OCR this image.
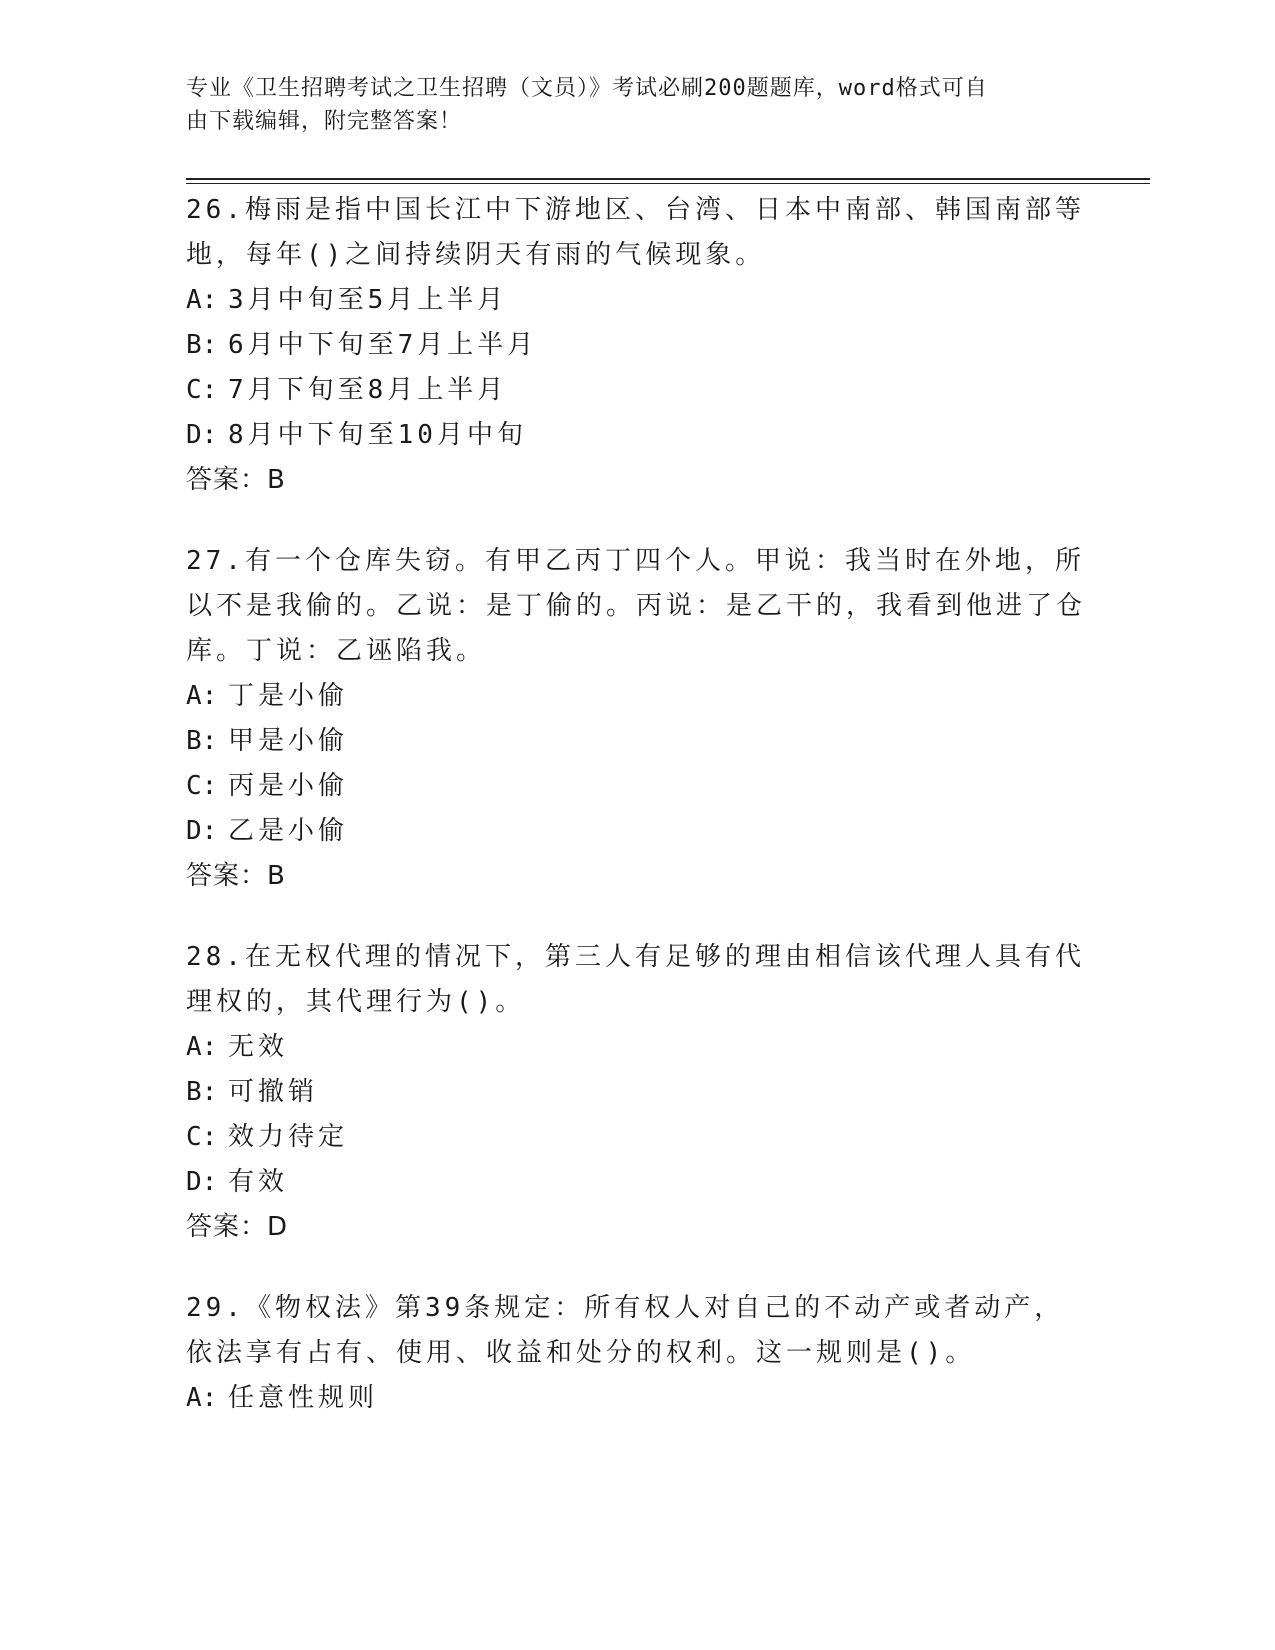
专业《卫生招聘考试之卫生招聘（文员）》考试必刷200题题库，word格式可自
由下载编辑，附完整答案！

26.梅雨是指中国长江中下游地区、台湾、日本中南部、韩国南部等地，每年()之间持续阴天有雨的气候现象。

A: 3月中旬至5月上半月

B: 6月中下旬至7月上半月

C: 7月下旬至8月上半月

D: 8月中下旬至10月中旬

答案：B

27.有一个仓库失窃。有甲乙丙丁四个人。甲说：我当时在外地，所以不是我偷的。乙说：是丁偷的。丙说：是乙干的，我看到他进了仓库。丁说：乙诬陷我。

A: 丁是小偷

B: 甲是小偷

C: 丙是小偷

D: 乙是小偷

答案：B

28.在无权代理的情况下，第三人有足够的理由相信该代理人具有代理权的，其代理行为()。

A: 无效

B: 可撤销

C: 效力待定

D: 有效

答案：D

29.《物权法》第39条规定：所有权人对自己的不动产或者动产，依法享有占有、使用、收益和处分的权利。这一规则是()。

A: 任意性规则
